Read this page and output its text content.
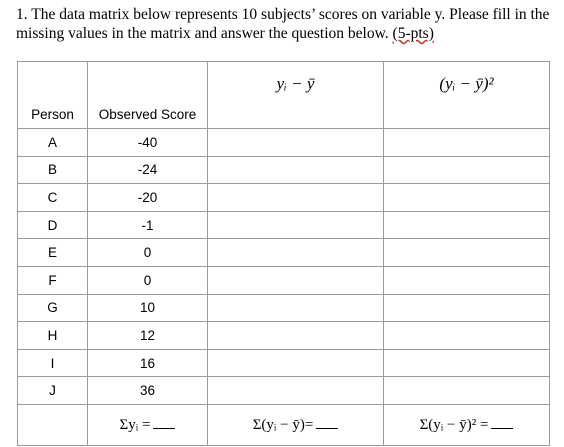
1. The data matrix below represents 10 subjects’ scores on variable y. Please fill in the missing values in the matrix and answer the question below. (5-pts)
Person	Observed Score	yᵢ − ȳ	(yᵢ − ȳ)²
A	-40		
B	-24		
C	-20		
D	-1		
E	0		
F	0		
G	10		
H	12		
I	16		
J	36		
	Σyᵢ =	Σ(yᵢ − ȳ)=	Σ(yᵢ − ȳ)² =
